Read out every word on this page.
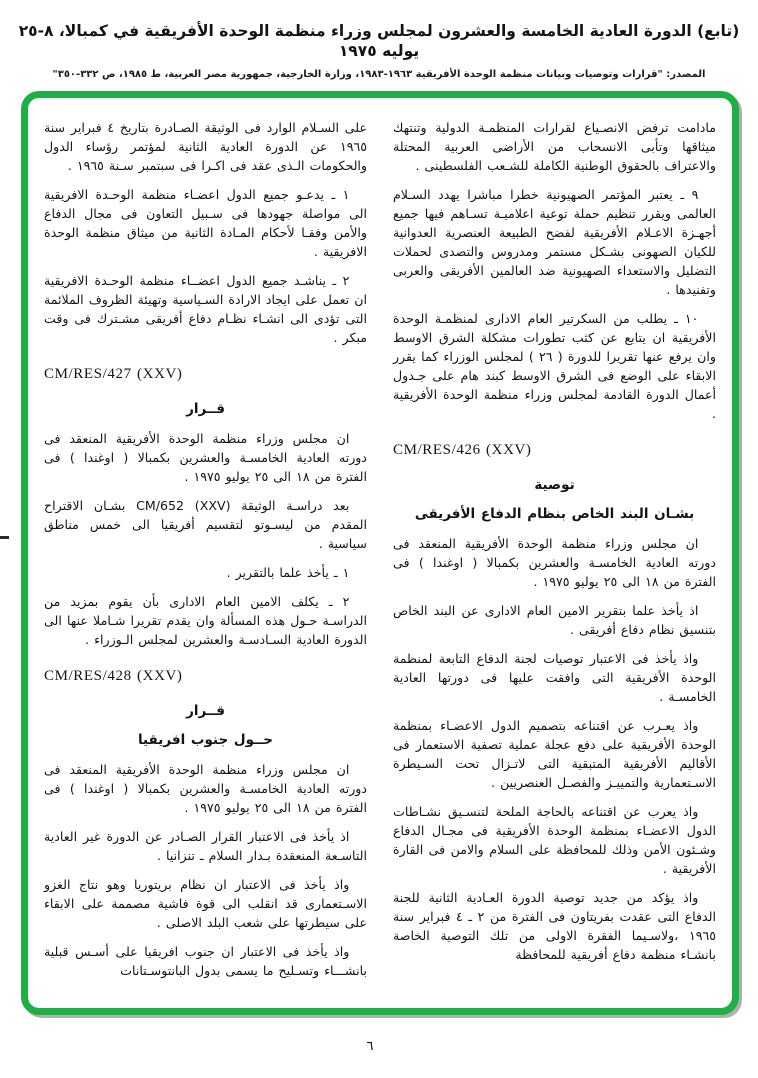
(تابع) الدورة العادية الخامسة والعشرون لمجلس وزراء منظمة الوحدة الأفريقية في كمبالا، ٨-٢٥ يوليه ١٩٧٥
المصدر: "قرارات وتوصيات وبيانات منظمة الوحدة الأفريقية ١٩٦٣-١٩٨٣، وزارة الخارجية، جمهورية مصر العربية، ط ١٩٨٥، ص ٣٣٢-٣٥٠"

مادامت ترفض الانصـياع لقرارات المنظمـة الدولية وتنتهك ميثاقها وتأبى الانسحاب من الأراضى العربية المحتلة والاعتراف بالحقوق الوطنية الكاملة للشـعب الفلسطينى .

٩ ـ يعتبر المؤتمر الصهيونية خطرا مباشرا يهدد السـلام العالمى ويقرر تنظيم حملة توعية اعلاميـة تسـاهم فيها جميع أجهـزة الاعـلام الأفريقية لفضح الطبيعة العنصرية العدوانية للكيان الصهونى بشـكل مستمر ومدروس والتصدى لحملات التضليل والاستعداء الصهيونية ضد العالمين الأفريقى والعربى وتفنيدها .

١٠ ـ يطلب من السكرتير العام الادارى لمنظمـة الوحدة الأفريقية ان يتابع عن كثب تطورات مشكلة الشرق الاوسط وان يرفع عنها تقريرا للدورة ( ٢٦ ) لمجلس الوزراء كما يقرر الابقاء على الوضع فى الشرق الاوسط كبند هام على جـدول أعمال الدورة القادمة لمجلس وزراء منظمة الوحدة الأفريقية .

CM/RES/426 (XXV)

توصية
بشـان البند الخاص بنظام الدفاع الأفريقى

ان مجلس وزراء منظمة الوحدة الأفريقية المنعقد فى دورته العادية الخامسـة والعشرين بكمبالا ( اوغندا ) فى الفترة من ١٨ الى ٢٥ يوليو ١٩٧٥ .

اذ يأخذ علما بتقرير الامين العام الادارى عن البند الخاص بتنسيق نظام دفاع أفريقى .

واذ يأخذ فى الاعتبار توصيات لجنة الدفاع التابعة لمنظمة الوحدة الأفريقية التى وافقت عليها فى دورتها العادية الخامسـة .

واذ يعـرب عن اقتناعه بتصميم الدول الاعضـاء بمنظمة الوحدة الأفريقية على دفع عجلة عملية تصفية الاستعمار فى الأقاليم الأفريقية المتبقية التى لاتـزال تحت السـيطرة الاسـتعمارية والتمييـز والفصـل العنصريين .

واذ يعرب عن اقتناعه بالحاجة الملحة لتنسـيق نشـاطات الدول الاعضـاء بمنظمة الوحدة الأفريقية فى مجـال الدفاع وشـئون الأمن وذلك للمحافظة على السلام والامن فى القارة الأفريقية .

واذ يؤكد من جديد توصية الدورة العـادية الثانية للجنة الدفاع التى عقدت بفريتاون فى الفترة من ٢ ـ ٤ فبراير سنة ١٩٦٥ ،ولاسـيما الفقرة الاولى من تلك التوصية الخاصة بانشـاء منظمة دفاع أفريقية للمحافظة

على السـلام الوارد فى الوثيقة الصـادرة بتاريخ ٤ فبراير سنة ١٩٦٥ عن الدورة العادية الثانية لمؤتمر رؤساء الدول والحكومات الـذى عقد فى اكـرا فى سبتمبر سـنة ١٩٦٥ .

١ ـ يدعـو جميع الدول اعضـاء منظمة الوحـدة الافريقية الى مواصلة جهودها فى سـبيل التعاون فى مجال الدفاع والأمن وفقـا لأحكام المـادة الثانية من ميثاق منظمة الوحدة الافريقية .

٢ ـ يناشـد جميع الدول اعضــاء منظمة الوحـدة الافريقية ان تعمل على ايجاد الارادة السـياسية وتهيئة الظروف الملائمة التى تؤدى الى انشـاء نظـام دفاع أفريقى مشـترك فى وقت مبكر .

CM/RES/427 (XXV)

قــرار

ان مجلس وزراء منظمة الوحدة الأفريقية المنعقد فى دورته العادية الخامسـة والعشرين بكمبالا ( اوغندا ) فى الفترة من ١٨ الى ٢٥ يوليو ١٩٧٥ .

بعد دراسـة الوثيقة CM/652 (XXV) بشـان الاقتراح المقدم من ليسـوتو لتقسيم أفريقيا الى خمس مناطق سياسية .

١ ـ يأخذ علما بالتقرير .

٢ ـ يكلف الامين العام الادارى بأن يقوم بمزيد من الدراسـة حـول هذه المسألة وان يقدم تقريرا شـاملا عنها الى الدورة العادية السـادسـة والعشرين لمجلس الـوزراء .

CM/RES/428 (XXV)

قــرار
حــول جنوب افريقيا

ان مجلس وزراء منظمة الوحدة الأفريقية المنعقد فى دورته العادية الخامسـة والعشرين بكمبالا ( اوغندا ) فى الفترة من ١٨ الى ٢٥ يوليو ١٩٧٥ .

اذ يأخذ فى الاعتبار القرار الصـادر عن الدورة غير العادية التاسـعة المنعقدة بـدار السلام ـ تنزانيا .

واذ يأخذ فى الاعتبار ان نظام بريتوريا وهو نتاج الغزو الاسـتعمارى قد انقلب الى قوة فاشية مصممة على الابقاء على سيطرتها على شعب البلد الاصلى .

واذ يأخذ فى الاعتبار ان جنوب افريقيا على أسـس قبلية بانشـــاء وتسـليح ما يسمى بدول البانتوسـتانات

٦
